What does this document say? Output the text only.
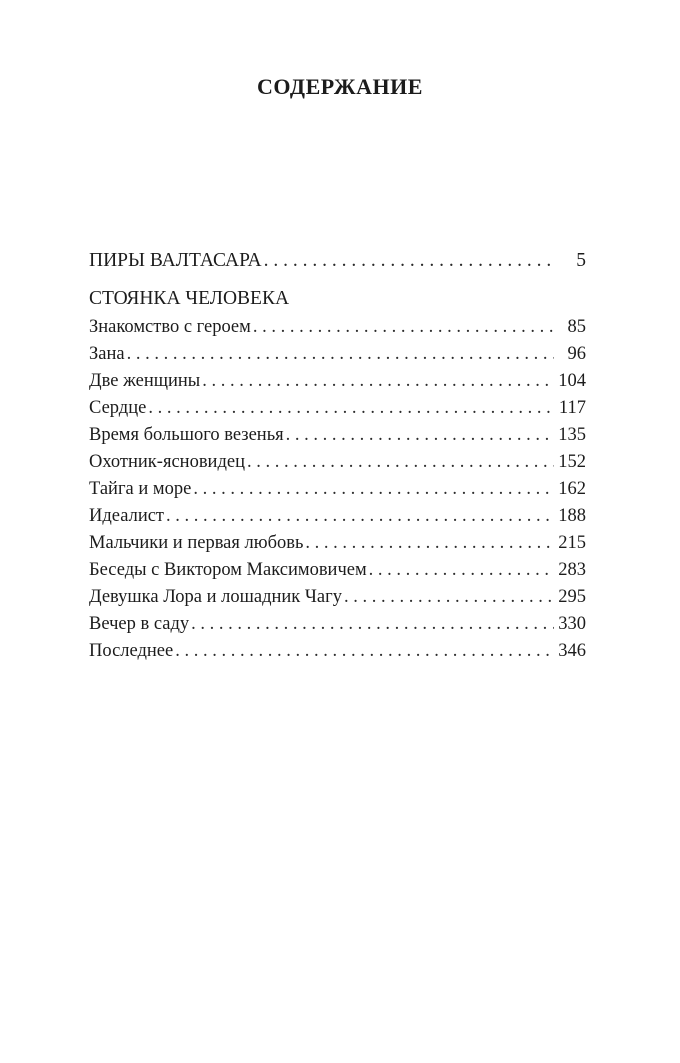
СОДЕРЖАНИЕ
ПИРЫ ВАЛТАСАРА . . .	5
СТОЯНКА ЧЕЛОВЕКА
Знакомство с героем . . .	85
Зана . . .	96
Две женщины . . .	104
Сердце . . .	117
Время большого везенья . . .	135
Охотник-ясновидец . . .	152
Тайга и море . . .	162
Идеалист . . .	188
Мальчики и первая любовь . . .	215
Беседы с Виктором Максимовичем . . .	283
Девушка Лора и лошадник Чагу . . .	295
Вечер в саду . . .	330
Последнее . . .	346
